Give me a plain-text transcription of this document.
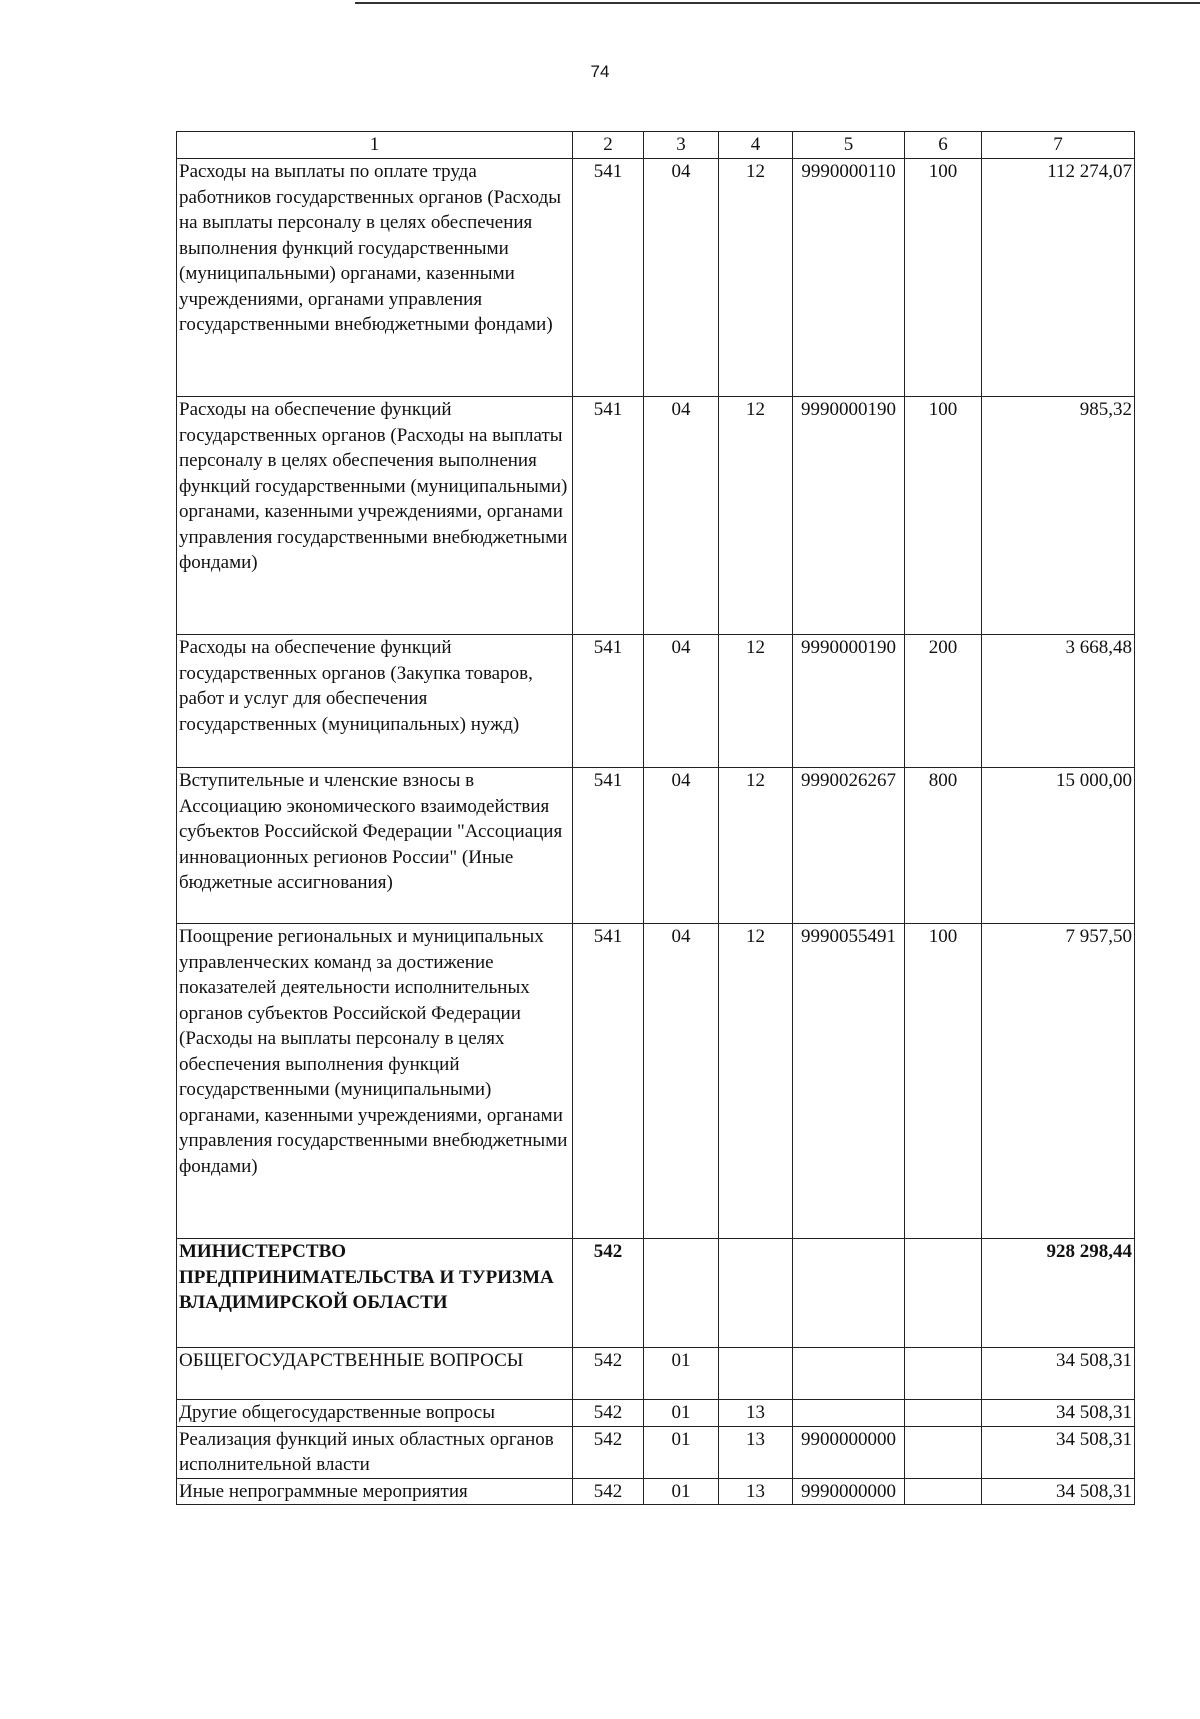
74
1	2	3	4	5	6	7
Расходы на выплаты по оплате труда работников государственных органов (Расходы на выплаты персоналу в целях обеспечения выполнения функций государственными (муниципальными) органами, казенными учреждениями, органами управления государственными внебюджетными фондами)	541	04	12	9990000110	100	112 274,07
Расходы на обеспечение функций государственных органов (Расходы на выплаты персоналу в целях обеспечения выполнения функций государственными (муниципальными) органами, казенными учреждениями, органами управления государственными внебюджетными фондами)	541	04	12	9990000190	100	985,32
Расходы на обеспечение функций государственных органов (Закупка товаров, работ и услуг для обеспечения государственных (муниципальных) нужд)	541	04	12	9990000190	200	3 668,48
Вступительные и членские взносы в Ассоциацию экономического взаимодействия субъектов Российской Федерации "Ассоциация инновационных регионов России" (Иные бюджетные ассигнования)	541	04	12	9990026267	800	15 000,00
Поощрение региональных и муниципальных управленческих команд за достижение показателей деятельности исполнительных органов субъектов Российской Федерации (Расходы на выплаты персоналу в целях обеспечения выполнения функций государственными (муниципальными) органами, казенными учреждениями, органами управления государственными внебюджетными фондами)	541	04	12	9990055491	100	7 957,50
МИНИСТЕРСТВО ПРЕДПРИНИМАТЕЛЬСТВА И ТУРИЗМА ВЛАДИМИРСКОЙ ОБЛАСТИ	542					928 298,44
ОБЩЕГОСУДАРСТВЕННЫЕ ВОПРОСЫ	542	01				34 508,31
Другие общегосударственные вопросы	542	01	13			34 508,31
Реализация функций иных областных органов исполнительной власти	542	01	13	9900000000		34 508,31
Иные непрограммные мероприятия	542	01	13	9990000000		34 508,31
